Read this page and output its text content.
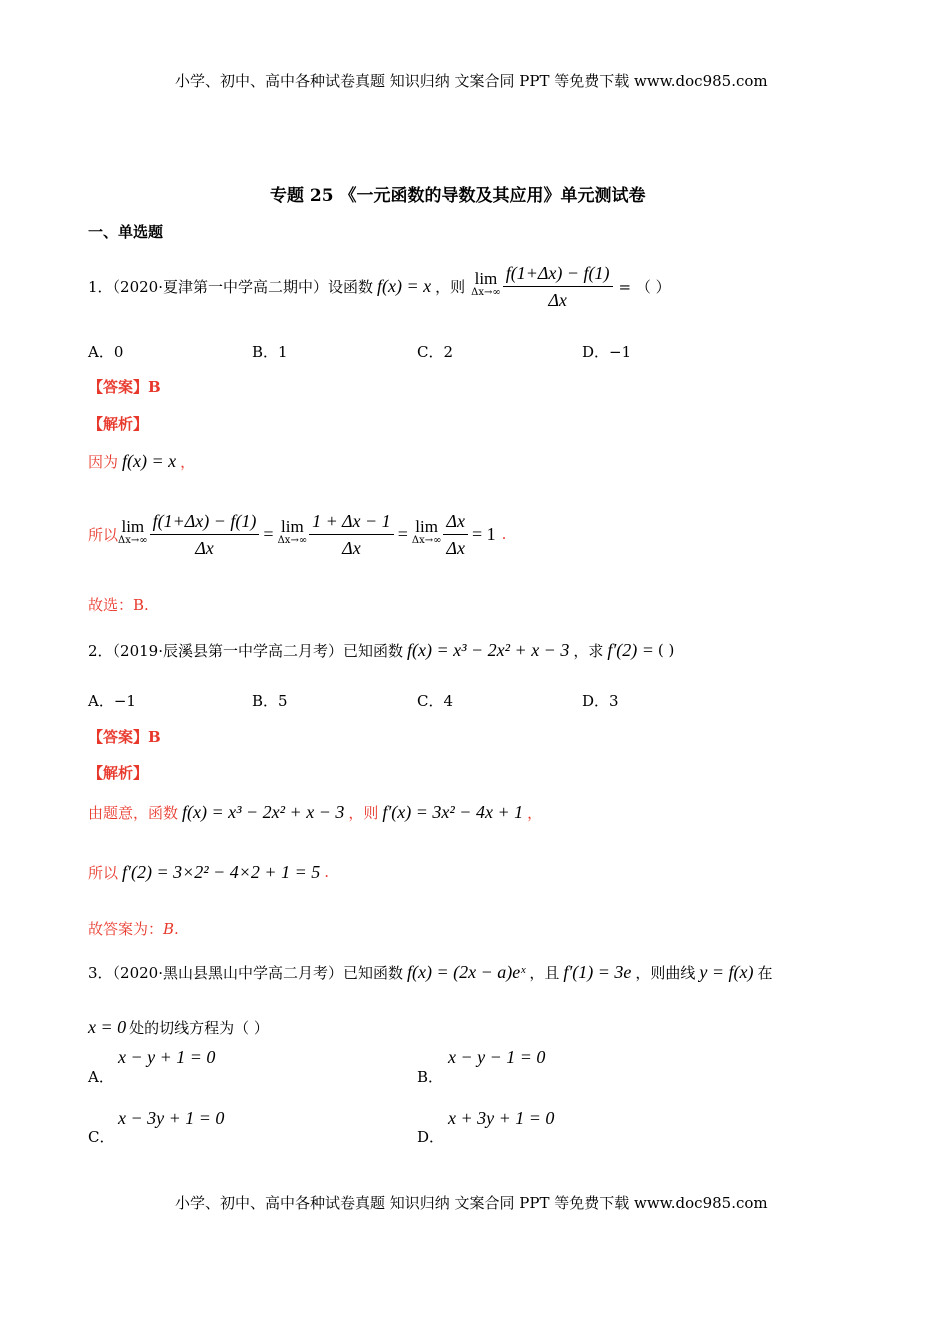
小学、初中、高中各种试卷真题 知识归纳 文案合同 PPT 等免费下载 www.doc985.com
专题 25 《一元函数的导数及其应用》单元测试卷
一、单选题
1．（2020·夏津第一中学高二期中）设函数 f(x) = x ，则 lim
$\Delta x\to\infty \frac{f(1+\Delta x) - f(1)}{\Delta x}$ = （ ）
A．0	B．1	C．2	D．−1
【答案】B
【解析】
因为 f(x) = x ，
所以 lim
$\Delta x\to\infty \frac{f(1+\Delta x) - f(1)}{\Delta x} = \lim$
$\Delta x\to\infty \frac{1 + \Delta x - 1}{\Delta x} = \lim$
$\Delta x\to\infty \frac{\Delta x}{\Delta x} = 1$ .
故选：B.
2．（2019·辰溪县第一中学高二月考）已知函数 f(x) = x³ − 2x² + x − 3 ，求 f′(2) = ( )
A．−1	B．5	C．4	D．3
【答案】B
【解析】
由题意，函数 f(x) = x³ − 2x² + x − 3 ，则 f′(x) = 3x² − 4x + 1 ，
所以 f′(2) = 3×2² − 4×2 + 1 = 5 .
故答案为：B.
3．（2020·黑山县黑山中学高二月考）已知函数 f(x) = (2x − a)eˣ ，且 f′(1) = 3e ，则曲线 y = f(x) 在
x = 0 处的切线方程为（ ）
A．
x − y + 1 = 0
B．
x − y − 1 = 0
C．
x − 3y + 1 = 0
D．
x + 3y + 1 = 0
小学、初中、高中各种试卷真题 知识归纳 文案合同 PPT 等免费下载 www.doc985.com
